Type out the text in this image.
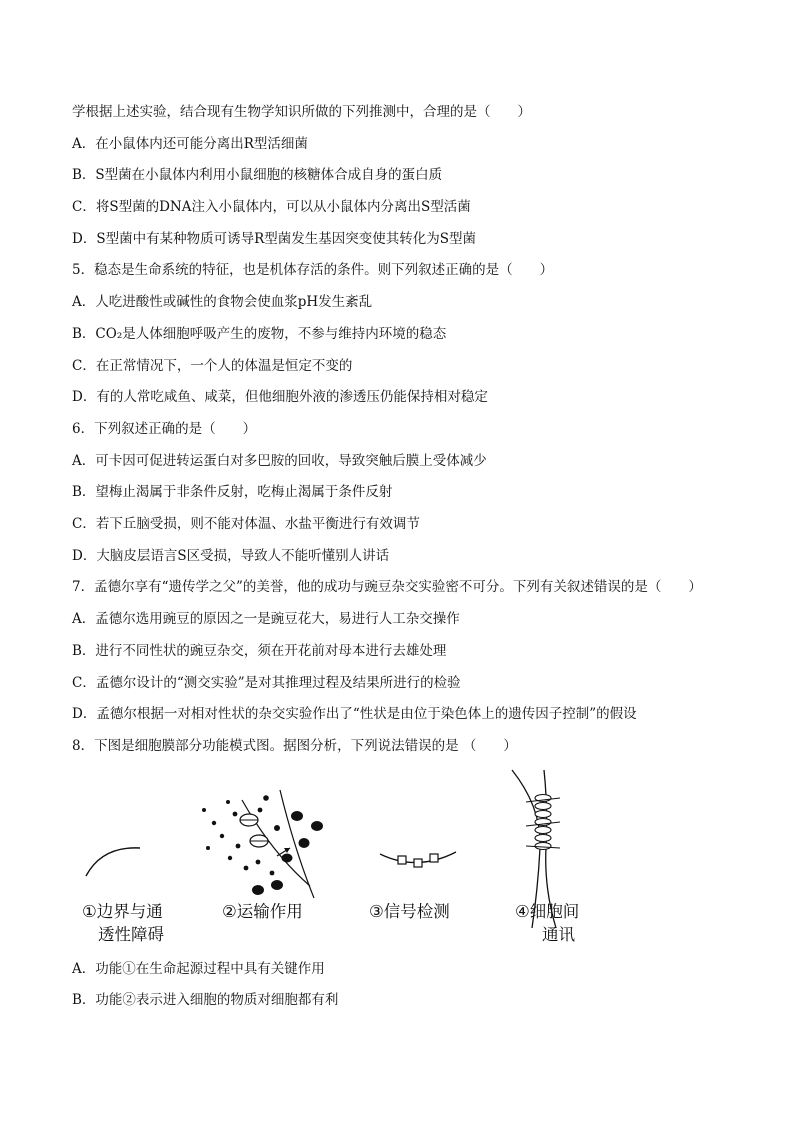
学根据上述实验，结合现有生物学知识所做的下列推测中，合理的是（　　）
A．在小鼠体内还可能分离出R型活细菌
B．S型菌在小鼠体内利用小鼠细胞的核糖体合成自身的蛋白质
C．将S型菌的DNA注入小鼠体内，可以从小鼠体内分离出S型活菌
D．S型菌中有某种物质可诱导R型菌发生基因突变使其转化为S型菌
5．稳态是生命系统的特征，也是机体存活的条件。则下列叙述正确的是（　　）
A．人吃进酸性或碱性的食物会使血浆pH发生紊乱
B．CO₂是人体细胞呼吸产生的废物，不参与维持内环境的稳态
C．在正常情况下，一个人的体温是恒定不变的
D．有的人常吃咸鱼、咸菜，但他细胞外液的渗透压仍能保持相对稳定
6．下列叙述正确的是（　　）
A．可卡因可促进转运蛋白对多巴胺的回收，导致突触后膜上受体减少
B．望梅止渴属于非条件反射，吃梅止渴属于条件反射
C．若下丘脑受损，则不能对体温、水盐平衡进行有效调节
D．大脑皮层语言S区受损，导致人不能听懂别人讲话
7．孟德尔享有“遗传学之父”的美誉，他的成功与豌豆杂交实验密不可分。下列有关叙述错误的是（　　）
A．孟德尔选用豌豆的原因之一是豌豆花大，易进行人工杂交操作
B．进行不同性状的豌豆杂交，须在开花前对母本进行去雄处理
C．孟德尔设计的“测交实验”是对其推理过程及结果所进行的检验
D．孟德尔根据一对相对性状的杂交实验作出了“性状是由位于染色体上的遗传因子控制”的假设
8．下图是细胞膜部分功能模式图。据图分析，下列说法错误的是 （　　）
①边界与通
透性障碍
②运输作用	③信号检测	④细胞间
通讯
A．功能①在生命起源过程中具有关键作用
B．功能②表示进入细胞的物质对细胞都有利
